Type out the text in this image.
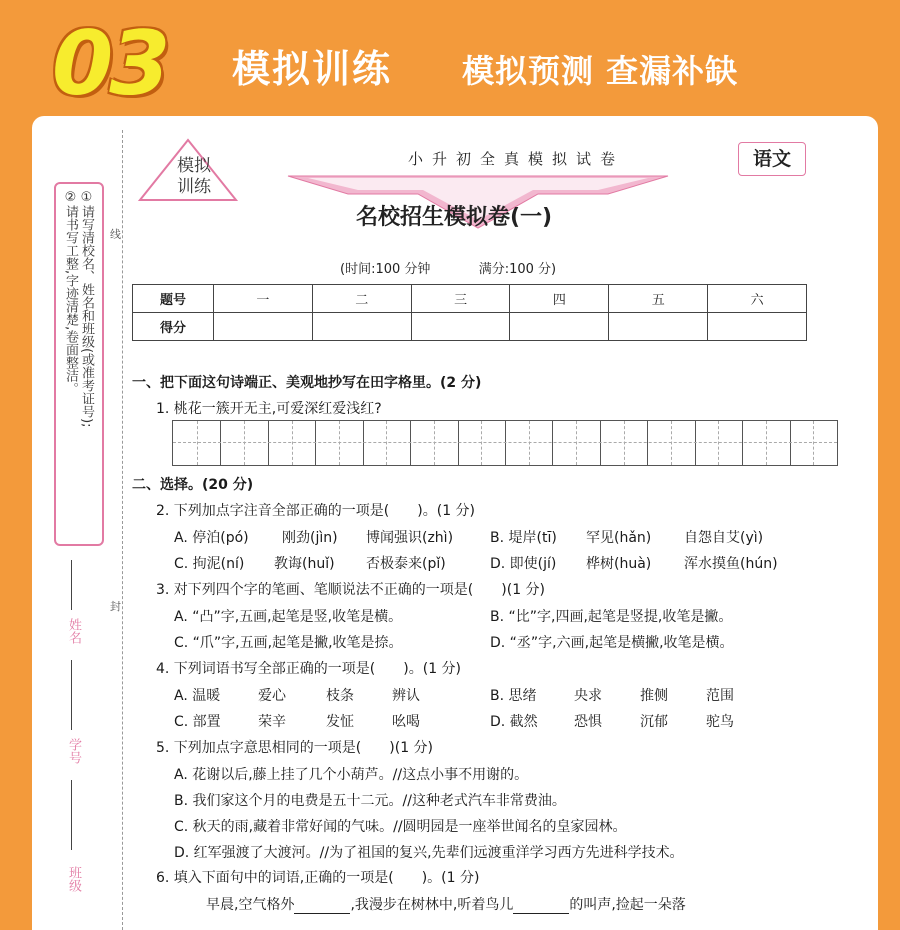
03 模拟训练 模拟预测 查漏补缺
①请写清校名、姓名和班级(或准考证号);
②请书写工整,字迹清楚,卷面整洁。	线
封
姓名
学号
班级
模拟
训练
小升初全真模拟试卷	语文
名校招生模拟卷(一)
(时间:100 分钟	满分:100 分)
题号	一	二	三	四	五	六
得分						
一、把下面这句诗端正、美观地抄写在田字格里。(2 分)
1. 桃花一簇开无主,可爱深红爱浅红?
二、选择。(20 分)
2. 下列加点字注音全部正确的一项是(　　)。(1 分)
A. 停泊(pó) 刚劲(jìn) 博闻强识(zhì)	B. 堤岸(tī) 罕见(hǎn) 自怨自艾(yì)
C. 拘泥(ní) 教诲(huǐ) 否极泰来(pǐ)	D. 即使(jí) 桦树(huà) 浑水摸鱼(hún)
3. 对下列四个字的笔画、笔顺说法不正确的一项是(　　)(1 分)
A. “凸”字,五画,起笔是竖,收笔是横。	B. “比”字,四画,起笔是竖提,收笔是撇。
C. “爪”字,五画,起笔是撇,收笔是捺。	D. “丞”字,六画,起笔是横撇,收笔是横。
4. 下列词语书写全部正确的一项是(　　)。(1 分)
A. 温暖	爱心	枝条	辨认	B. 思绪	央求	推侧	范围
C. 部置	荣辛	发怔	吆喝	D. 截然	恐惧	沉郁	驼鸟
5. 下列加点字意思相同的一项是(　　)(1 分)
A. 花谢以后,藤上挂了几个小葫芦。//这点小事不用谢的。
B. 我们家这个月的电费是五十二元。//这种老式汽车非常费油。
C. 秋天的雨,藏着非常好闻的气味。//圆明园是一座举世闻名的皇家园林。
D. 红军强渡了大渡河。//为了祖国的复兴,先辈们远渡重洋学习西方先进科学技术。
6. 填入下面句中的词语,正确的一项是(　　)。(1 分)
早晨,空气格外	,我漫步在树林中,听着鸟儿	的叫声,捡起一朵落
